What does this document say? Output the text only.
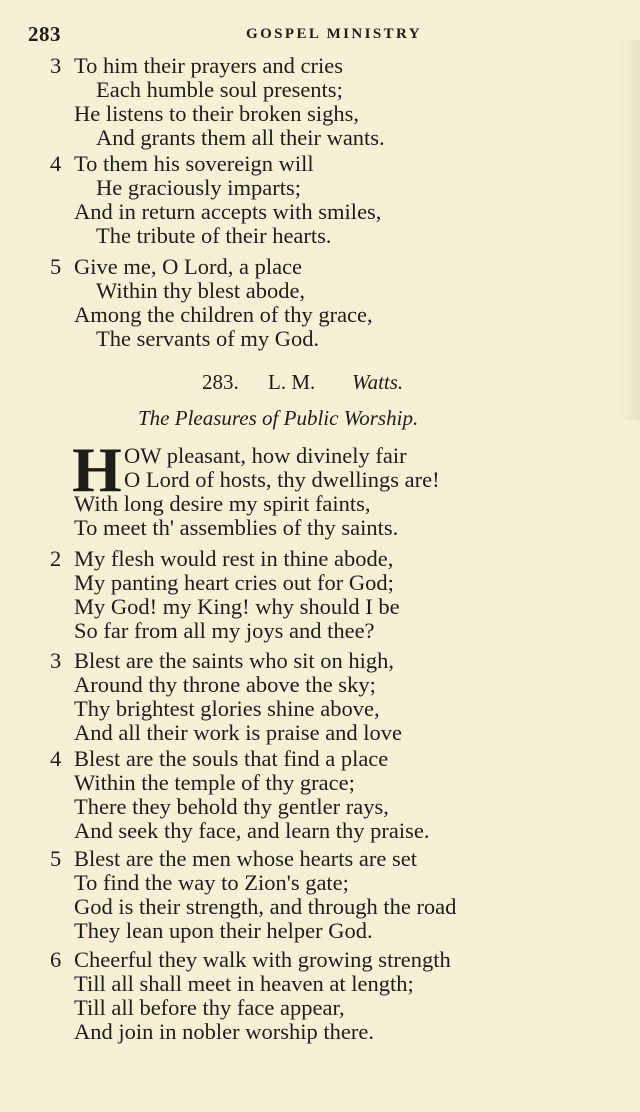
283	GOSPEL MINISTRY
3 To him their prayers and cries
Each humble soul presents;
He listens to their broken sighs,
And grants them all their wants.
4 To them his sovereign will
He graciously imparts;
And in return accepts with smiles,
The tribute of their hearts.
5 Give me, O Lord, a place
Within thy blest abode,
Among the children of thy grace,
The servants of my God.
283. L. M. Watts.
The Pleasures of Public Worship.
H OW pleasant, how divinely fair
O Lord of hosts, thy dwellings are!
With long desire my spirit faints,
To meet th' assemblies of thy saints.
2 My flesh would rest in thine abode,
My panting heart cries out for God;
My God! my King! why should I be
So far from all my joys and thee?
3 Blest are the saints who sit on high,
Around thy throne above the sky;
Thy brightest glories shine above,
And all their work is praise and love
4 Blest are the souls that find a place
Within the temple of thy grace;
There they behold thy gentler rays,
And seek thy face, and learn thy praise.
5 Blest are the men whose hearts are set
To find the way to Zion's gate;
God is their strength, and through the road
They lean upon their helper God.
6 Cheerful they walk with growing strength
Till all shall meet in heaven at length;
Till all before thy face appear,
And join in nobler worship there.
